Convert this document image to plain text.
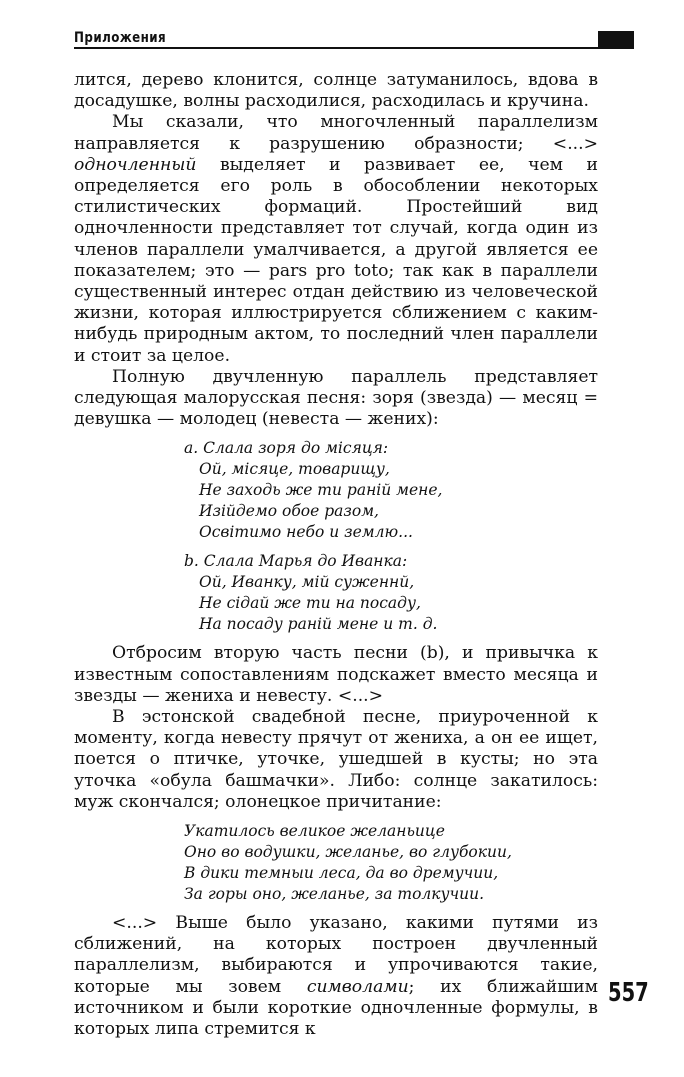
Приложения

лится, дерево клонится, солнце затуманилось, вдова в досадушке, волны расходилися, расходилась и кручина.

Мы сказали, что многочленный параллелизм направляется к разрушению образности; <...> одночленный выделяет и развивает ее, чем и определяется его роль в обособлении некоторых стилистических формаций. Простейший вид одночленности представляет тот случай, когда один из членов параллели умалчивается, а другой является ее показателем; это — pars pro toto; так как в параллели существенный интерес отдан действию из человеческой жизни, которая иллюстрируется сближением с каким-нибудь природным актом, то последний член параллели и стоит за целое.

Полную двучленную параллель представляет следующая малорусская песня: зоря (звезда) — месяц = девушка — молодец (невеста — жених):

a. Слала зоря до місяця:
Ой, місяце, товарищу,
Не заходь же ти раній мене,
Изійдемо обое разом,
Освітимо небо и землю...
b. Слала Марья до Иванка:
Ой, Иванку, мій суженнй,
Не сідай же ти на посаду,
На посаду раній мене и т. д.

Отбросим вторую часть песни (b), и привычка к известным сопоставлениям подскажет вместо месяца и звезды — жениха и невесту. <...>

В эстонской свадебной песне, приуроченной к моменту, когда невесту прячут от жениха, а он ее ищет, поется о птичке, уточке, ушедшей в кусты; но эта уточка «обула башмачки». Либо: солнце закатилось: муж скончался; олонецкое причитание:

Укатилось великое желаньице
Оно во водушки, желанье, во глубокии,
В дики темныи леса, да во дремучии,
За горы оно, желанье, за толкучии.

<...> Выше было указано, какими путями из сближений, на которых построен двучленный параллелизм, выбираются и упрочиваются такие, которые мы зовем символами; их ближайшим источником и были короткие одночленные формулы, в которых липа стремится к

557
